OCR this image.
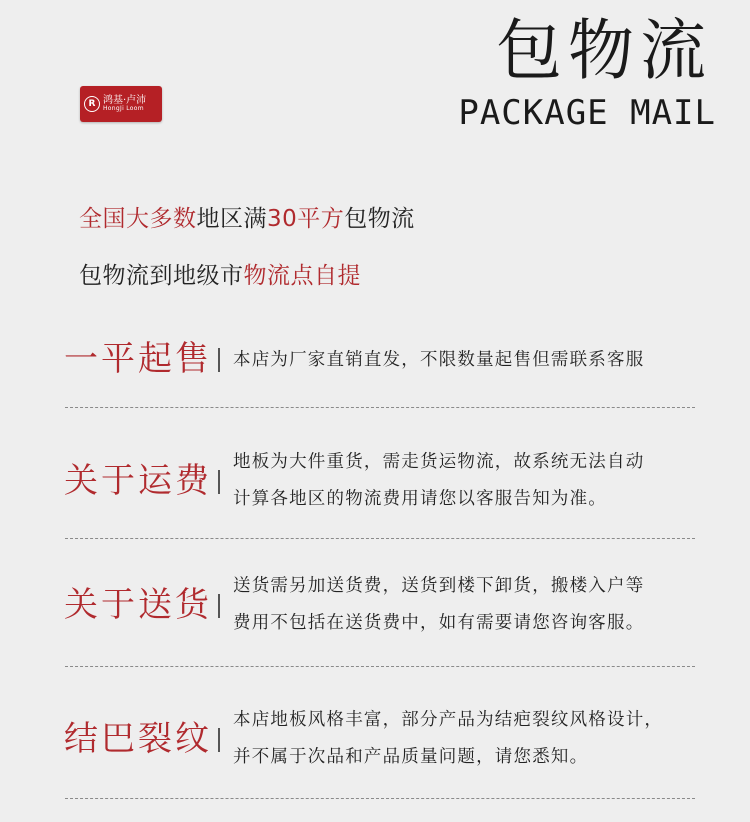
包物流
PACKAGE MAIL
R 鸿基·卢沛
HongJi Loom
全国大多数地区满30平方包物流
包物流到地级市物流点自提
一平起售 本店为厂家直销直发，不限数量起售但需联系客服
关于运费 地板为大件重货，需走货运物流，故系统无法自动
计算各地区的物流费用请您以客服告知为准。
关于送货 送货需另加送货费，送货到楼下卸货，搬楼入户等
费用不包括在送货费中，如有需要请您咨询客服。
结巴裂纹 本店地板风格丰富，部分产品为结疤裂纹风格设计，
并不属于次品和产品质量问题，请您悉知。
